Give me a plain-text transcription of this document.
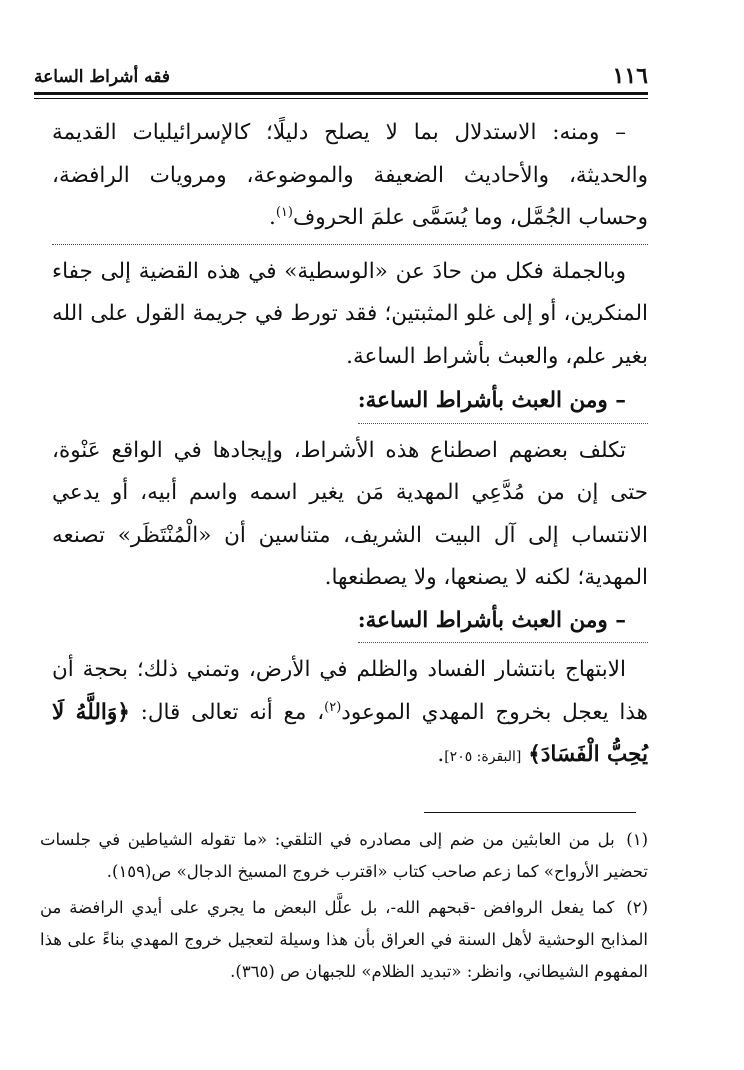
١١٦
فقه أشراط الساعة

– ومنه: الاستدلال بما لا يصلح دليلًا؛ كالإسرائيليات القديمة والحديثة، والأحاديث الضعيفة والموضوعة، ومرويات الرافضة، وحساب الجُمَّل، وما يُسَمَّى علمَ الحروف$^{(١)}$.

وبالجملة فكل من حادَ عن «الوسطية» في هذه القضية إلى جفاء المنكرين، أو إلى غلو المثبتين؛ فقد تورط في جريمة القول على الله بغير علم، والعبث بأشراط الساعة.

– ومن العبث بأشراط الساعة:

تكلف بعضهم اصطناع هذه الأشراط، وإيجادها في الواقع عَنْوة، حتى إن من مُدَّعِي المهدية مَن يغير اسمه واسم أبيه، أو يدعي الانتساب إلى آل البيت الشريف، متناسين أن «الْمُنْتَظَر» تصنعه المهدية؛ لكنه لا يصنعها، ولا يصطنعها.

– ومن العبث بأشراط الساعة:

الابتهاج بانتشار الفساد والظلم في الأرض، وتمني ذلك؛ بحجة أن هذا يعجل بخروج المهدي الموعود$^{(٢)}$، مع أنه تعالى قال: ﴿وَاللَّهُ لَا يُحِبُّ الْفَسَادَ﴾ [البقرة: ٢٠٥].

(١) بل من العابثين من ضم إلى مصادره في التلقي: «ما تقوله الشياطين في جلسات تحضير الأرواح» كما زعم صاحب كتاب «اقترب خروج المسيخ الدجال» ص(١٥٩).

(٢) كما يفعل الروافض -قبحهم الله-، بل علَّل البعض ما يجري على أيدي الرافضة من المذابح الوحشية لأهل السنة في العراق بأن هذا وسيلة لتعجيل خروج المهدي بناءً على هذا المفهوم الشيطاني، وانظر: «تبديد الظلام» للجبهان ص (٣٦٥).
